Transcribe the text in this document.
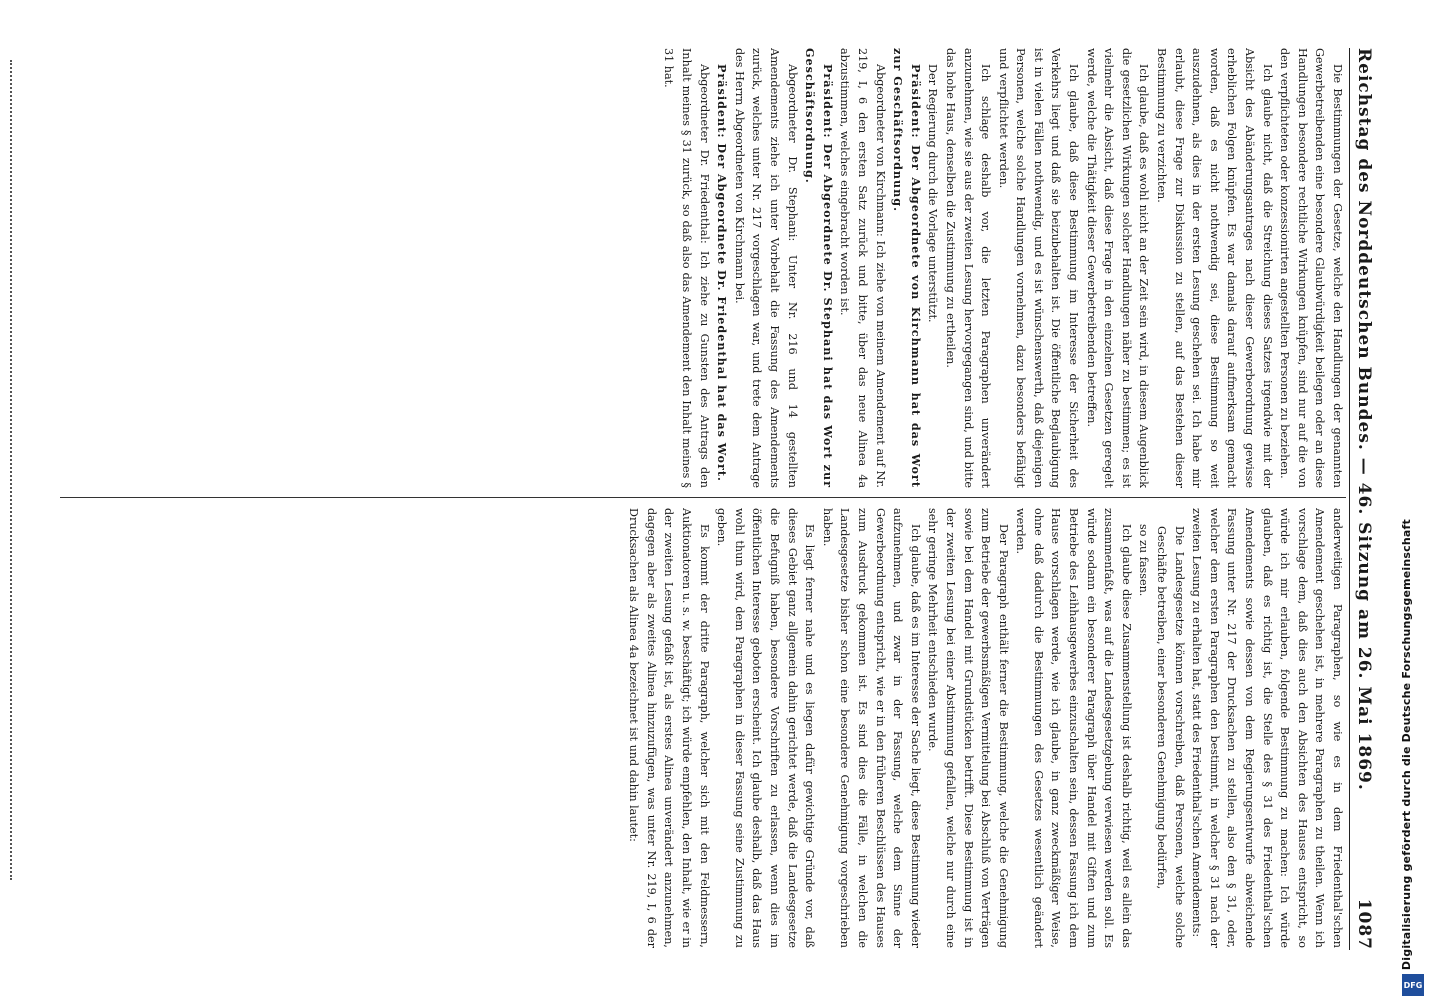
Reichstag des Norddeutschen Bundes. — 46. Sitzung am 26. Mai 1869.
1087

Die Bestimmungen der Gesetze, welche den Handlungen der genannten Gewerbetreibenden eine besondere Glaubwürdigkeit beilegen oder an diese Handlungen besondere rechtliche Wirkungen knüpfen, sind nur auf die von den verpflichteten oder konzessionirten angestellten Personen zu beziehen.

Ich glaube nicht, daß die Streichung dieses Satzes irgendwie mit der Absicht des Abänderungsantrages nach dieser Gewerbeordnung gewisse erheblichen Folgen knüpfen. Es war damals darauf aufmerksam gemacht worden, daß es nicht nothwendig sei, diese Bestimmung so weit auszudehnen, als dies in der ersten Lesung geschehen sei. Ich habe mir erlaubt, diese Frage zur Diskussion zu stellen, auf das Bestehen dieser Bestimmung zu verzichten.

Ich glaube, daß es wohl nicht an der Zeit sein wird, in diesem Augenblick die gesetzlichen Wirkungen solcher Handlungen näher zu bestimmen; es ist vielmehr die Absicht, daß diese Frage in den einzelnen Gesetzen geregelt werde, welche die Thätigkeit dieser Gewerbetreibenden betreffen.

Ich glaube, daß diese Bestimmung im Interesse der Sicherheit des Verkehrs liegt und daß sie beizubehalten ist. Die öffentliche Beglaubigung ist in vielen Fällen nothwendig, und es ist wünschenswerth, daß diejenigen Personen, welche solche Handlungen vornehmen, dazu besonders befähigt und verpflichtet werden.

Ich schlage deshalb vor, die letzten Paragraphen unverändert anzunehmen, wie sie aus der zweiten Lesung hervorgegangen sind, und bitte das hohe Haus, denselben die Zustimmung zu ertheilen.

Der Regierung durch die Vorlage unterstützt.

Präsident: Der Abgeordnete von Kirchmann hat das Wort zur Geschäftsordnung.

Abgeordneter von Kirchmann: Ich ziehe von meinem Amendement auf Nr. 219, I, 6 den ersten Satz zurück und bitte, über das neue Alinea 4a abzustimmen, welches eingebracht worden ist.

Präsident: Der Abgeordnete Dr. Stephani hat das Wort zur Geschäftsordnung.

Abgeordneter Dr. Stephani: Unter Nr. 216 und 14 gestellten Amendements ziehe ich unter Vorbehalt die Fassung des Amendements zurück, welches unter Nr. 217 vorgeschlagen war, und trete dem Antrage des Herrn Abgeordneten von Kirchmann bei.

Präsident: Der Abgeordnete Dr. Friedenthal hat das Wort.

Abgeordneter Dr. Friedenthal: Ich ziehe zu Gunsten des Antrags den Inhalt meines § 31 zurück, so daß also das Amendement den Inhalt meines § 31 hat.

anderweitigen Paragraphen, so wie es in dem Friedenthal'schen Amendement geschehen ist, in mehrere Paragraphen zu theilen. Wenn ich vorschlage dem, daß dies auch den Absichten des Hauses entspricht, so würde ich mir erlauben, folgende Bestimmung zu machen: Ich würde glauben, daß es richtig ist, die Stelle des § 31 des Friedenthal'schen Amendements sowie dessen von dem Regierungsentwurfe abweichende Fassung unter Nr. 217 der Drucksachen zu stellen, also den § 31, oder, welcher dem ersten Paragraphen den bestimmt, in welcher § 31 nach der zweiten Lesung zu erhalten hat, statt des Friedenthal'schen Amendements:

Die Landesgesetze können vorschreiben, daß Personen, welche solche Geschäfte betreiben, einer besonderen Genehmigung bedürfen,

so zu fassen.

Ich glaube diese Zusammenstellung ist deshalb richtig, weil es allein das zusammenfaßt, was auf die Landesgesetzgebung verwiesen werden soll. Es würde sodann ein besonderer Paragraph über Handel mit Giften und zum Betriebe des Leihhausgewerbes einzuschalten sein, dessen Fassung ich dem Hause vorschlagen werde, wie ich glaube, in ganz zweckmäßiger Weise, ohne daß dadurch die Bestimmungen des Gesetzes wesentlich geändert werden.

Der Paragraph enthält ferner die Bestimmung, welche die Genehmigung zum Betriebe der gewerbsmäßigen Vermittelung bei Abschluß von Verträgen sowie bei dem Handel mit Grundstücken betrifft. Diese Bestimmung ist in der zweiten Lesung bei einer Abstimmung gefallen, welche nur durch eine sehr geringe Mehrheit entschieden wurde.

Ich glaube, daß es im Interesse der Sache liegt, diese Bestimmung wieder aufzunehmen, und zwar in der Fassung, welche dem Sinne der Gewerbeordnung entspricht, wie er in den früheren Beschlüssen des Hauses zum Ausdruck gekommen ist. Es sind dies die Fälle, in welchen die Landesgesetze bisher schon eine besondere Genehmigung vorgeschrieben haben.

Es liegt ferner nahe und es liegen dafür gewichtige Gründe vor, daß dieses Gebiet ganz allgemein dahin gerichtet werde, daß die Landesgesetze die Befugniß haben, besondere Vorschriften zu erlassen, wenn dies im öffentlichen Interesse geboten erscheint. Ich glaube deshalb, daß das Haus wohl thun wird, dem Paragraphen in dieser Fassung seine Zustimmung zu geben.

Es kommt der dritte Paragraph, welcher sich mit den Feldmessern, Auktionatoren u. s. w. beschäftigt; ich würde empfehlen, den Inhalt, wie er in der zweiten Lesung gefaßt ist, als erstes Alinea unverändert anzunehmen, dagegen aber als zweites Alinea hinzuzufügen, was unter Nr. 219, I, 6 der Drucksachen als Alinea 4a bezeichnet ist und dahin lautet:	Digitalisierung gefördert durch die Deutsche Forschungsgemeinschaft
DFG
